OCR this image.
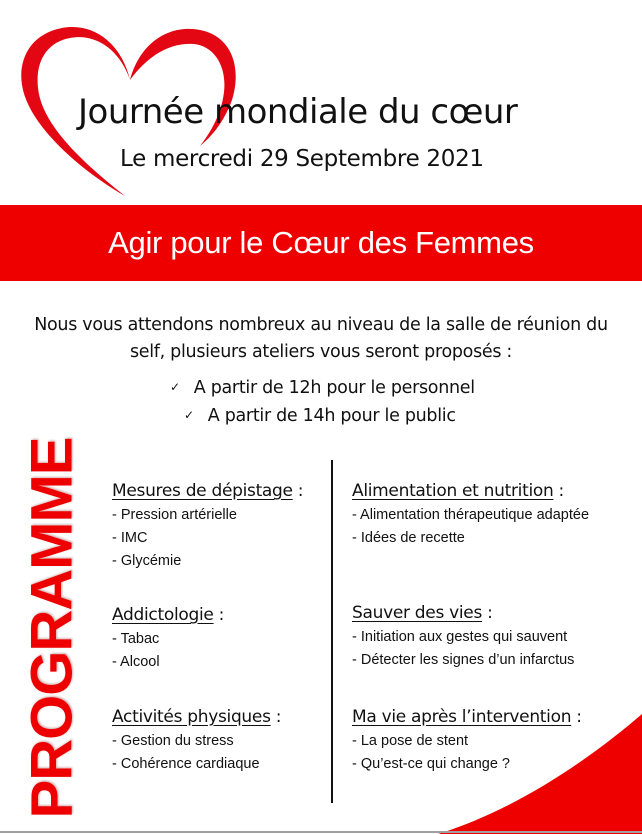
Journée mondiale du cœur
Le mercredi 29 Septembre 2021
Agir pour le Cœur des Femmes
Nous vous attendons nombreux au niveau de la salle de réunion du
self, plusieurs ateliers vous seront proposés :
✓ A partir de 12h pour le personnel
✓ A partir de 14h pour le public
PROGRAMME Mesures de dépistage :
- Pression artérielle
- IMC
- Glycémie
Addictologie :
- Tabac
- Alcool
Activités physiques :
- Gestion du stress
- Cohérence cardiaque
Alimentation et nutrition :
- Alimentation thérapeutique adaptée
- Idées de recette
Sauver des vies :
- Initiation aux gestes qui sauvent
- Détecter les signes d’un infarctus
Ma vie après l’intervention :
- La pose de stent
- Qu’est-ce qui change ?
